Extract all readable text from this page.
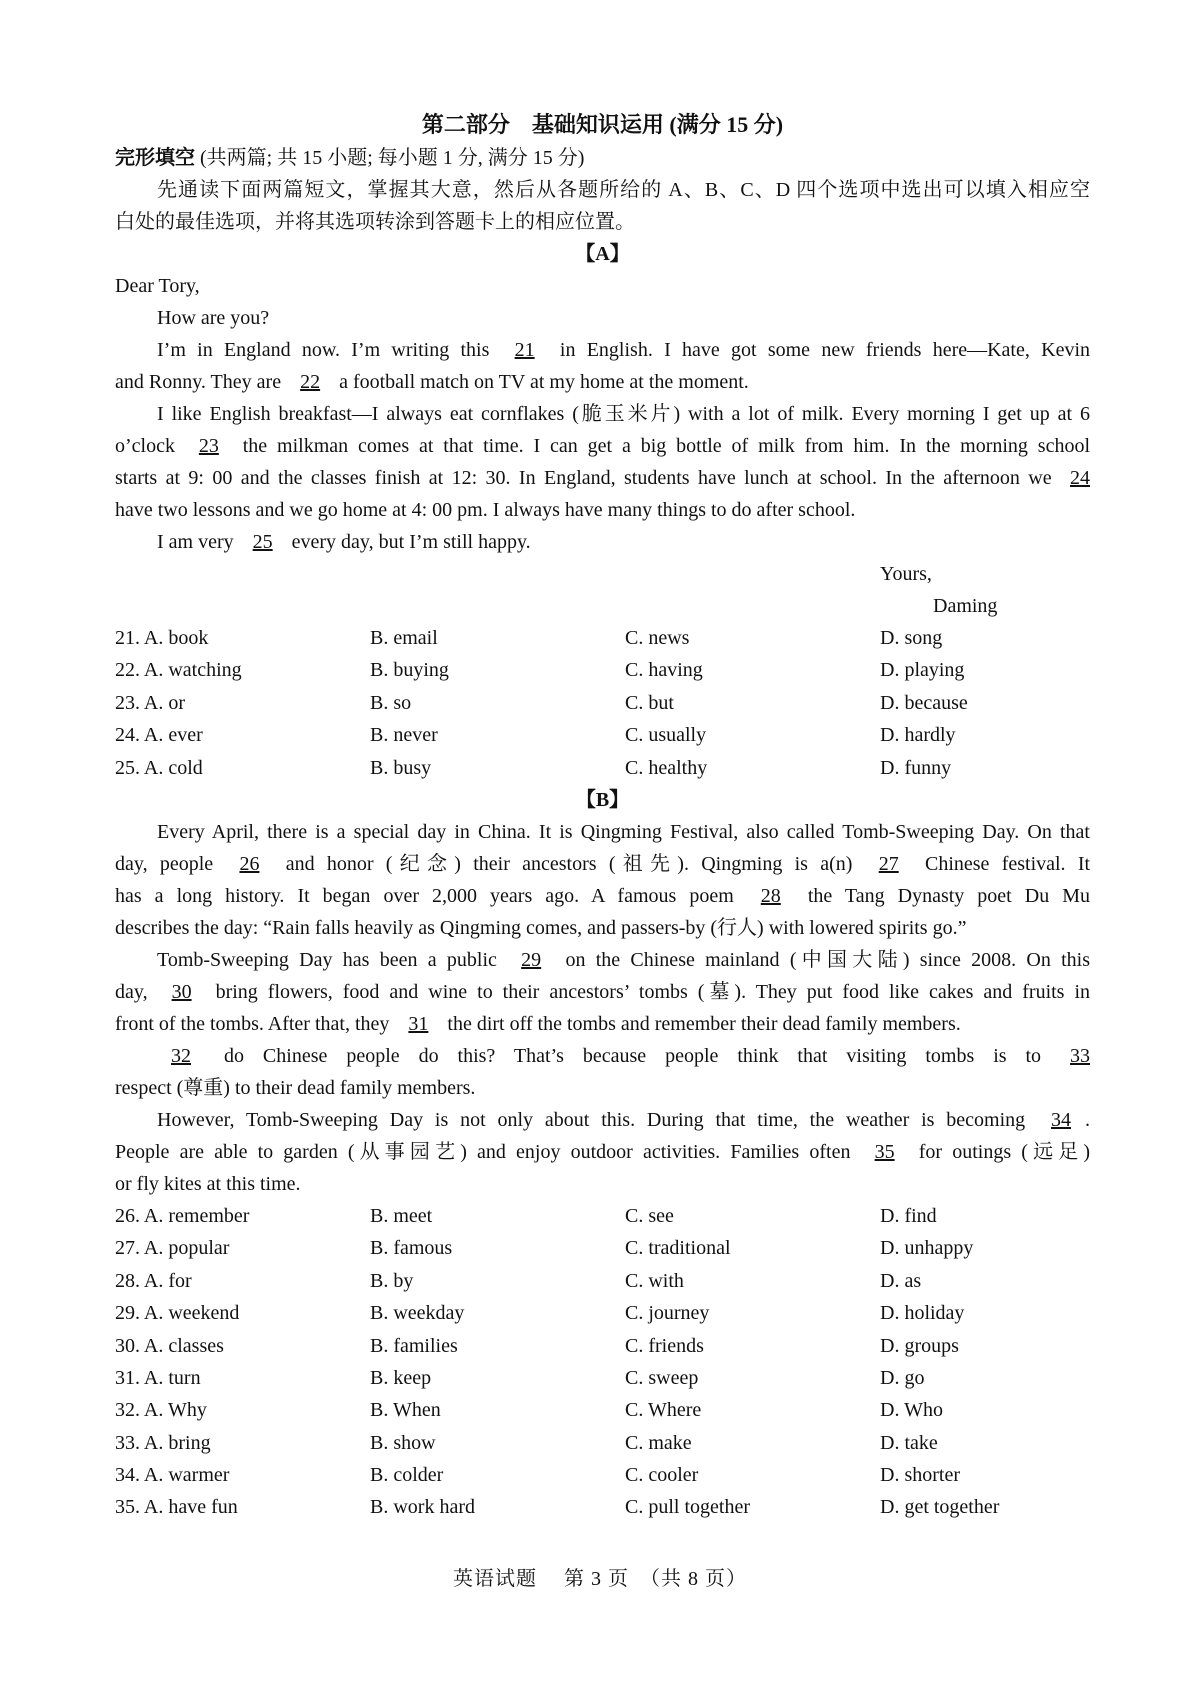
第二部分　基础知识运用 (满分 15 分)
完形填空 (共两篇; 共 15 小题; 每小题 1 分, 满分 15 分)
先通读下面两篇短文，掌握其大意，然后从各题所给的 A、B、C、D 四个选项中选出可以填入相应空
白处的最佳选项，并将其选项转涂到答题卡上的相应位置。
【A】
Dear Tory,
How are you?
I’m in England now. I’m writing this 21 in English. I have got some new friends here—Kate, Kevin
and Ronny. They are 22 a football match on TV at my home at the moment.
I like English breakfast—I always eat cornflakes (脆玉米片) with a lot of milk. Every morning I get up at 6
o’clock 23 the milkman comes at that time. I can get a big bottle of milk from him. In the morning school
starts at 9: 00 and the classes finish at 12: 30. In England, students have lunch at school. In the afternoon we 24
have two lessons and we go home at 4: 00 pm. I always have many things to do after school.
I am very 25 every day, but I’m still happy.
Yours,
Daming
21. A. book	B. email	C. news	D. song
22. A. watching	B. buying	C. having	D. playing
23. A. or	B. so	C. but	D. because
24. A. ever	B. never	C. usually	D. hardly
25. A. cold	B. busy	C. healthy	D. funny
【B】
Every April, there is a special day in China. It is Qingming Festival, also called Tomb-Sweeping Day. On that
day, people 26 and honor (纪念) their ancestors (祖先). Qingming is a(n) 27 Chinese festival. It
has a long history. It began over 2,000 years ago. A famous poem 28 the Tang Dynasty poet Du Mu
describes the day: “Rain falls heavily as Qingming comes, and passers-by (行人) with lowered spirits go.”
Tomb-Sweeping Day has been a public 29 on the Chinese mainland (中国大陆) since 2008. On this
day, 30 bring flowers, food and wine to their ancestors’ tombs (墓). They put food like cakes and fruits in
front of the tombs. After that, they 31 the dirt off the tombs and remember their dead family members.
32 do Chinese people do this? That’s because people think that visiting tombs is to 33
respect (尊重) to their dead family members.
However, Tomb-Sweeping Day is not only about this. During that time, the weather is becoming 34 .
People are able to garden (从事园艺) and enjoy outdoor activities. Families often 35 for outings (远足)
or fly kites at this time.
26. A. remember	B. meet	C. see	D. find
27. A. popular	B. famous	C. traditional	D. unhappy
28. A. for	B. by	C. with	D. as
29. A. weekend	B. weekday	C. journey	D. holiday
30. A. classes	B. families	C. friends	D. groups
31. A. turn	B. keep	C. sweep	D. go
32. A. Why	B. When	C. Where	D. Who
33. A. bring	B. show	C. make	D. take
34. A. warmer	B. colder	C. cooler	D. shorter
35. A. have fun	B. work hard	C. pull together	D. get together
英语试题　 第 3 页　（共 8 页）
